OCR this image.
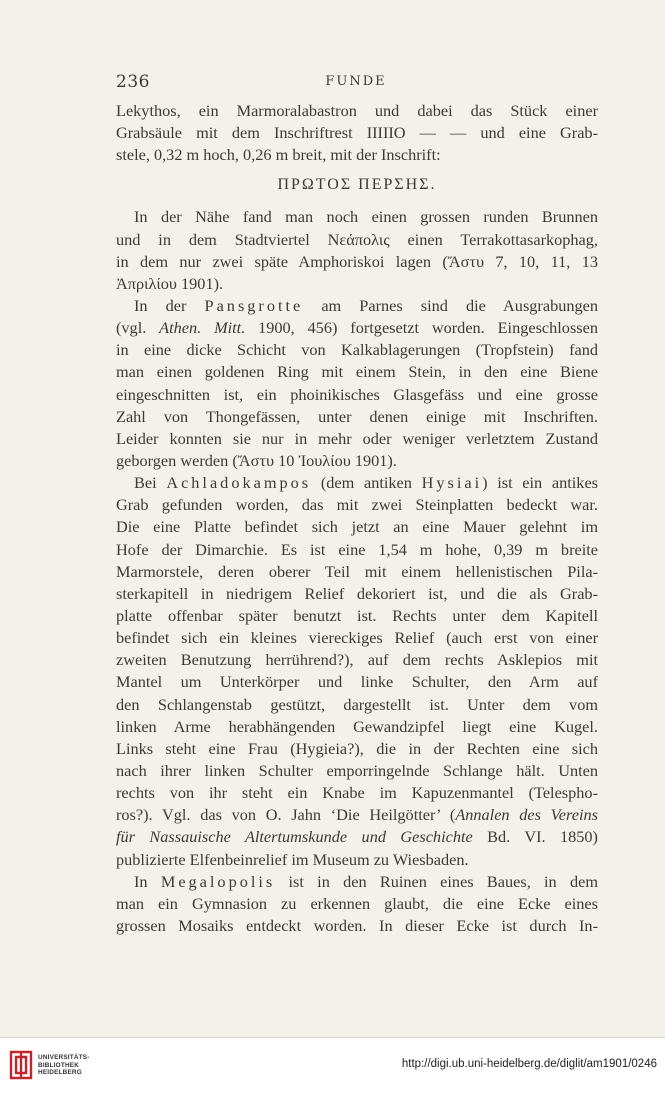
236	FUNDE
Lekythos, ein Marmoralabastron und dabei das Stück einer
Grabsäule mit dem Inschriftrest ΙΙΙΙΙΟ — — und eine Grab-
stele, 0,32 m hoch, 0,26 m breit, mit der Inschrift:
ΠΡΩΤΟΣ ΠΕΡΣΗΣ.
In der Nähe fand man noch einen grossen runden Brunnen
und in dem Stadtviertel Νεάπολις einen Terrakottasarkophag,
in dem nur zwei späte Amphoriskoi lagen (Ἄστυ 7, 10, 11, 13
Ἀπριλίου 1901).
In der Pansgrotte am Parnes sind die Ausgrabungen
(vgl. Athen. Mitt. 1900, 456) fortgesetzt worden. Eingeschlossen
in eine dicke Schicht von Kalkablagerungen (Tropfstein) fand
man einen goldenen Ring mit einem Stein, in den eine Biene
eingeschnitten ist, ein phoinikisches Glasgefäss und eine grosse
Zahl von Thongefässen, unter denen einige mit Inschriften.
Leider konnten sie nur in mehr oder weniger verletztem Zustand
geborgen werden (Ἄστυ 10 Ἰουλίου 1901).
Bei Achladokampos (dem antiken Hysiai) ist ein antikes
Grab gefunden worden, das mit zwei Steinplatten bedeckt war.
Die eine Platte befindet sich jetzt an eine Mauer gelehnt im
Hofe der Dimarchie. Es ist eine 1,54 m hohe, 0,39 m breite
Marmorstele, deren oberer Teil mit einem hellenistischen Pila-
sterkapitell in niedrigem Relief dekoriert ist, und die als Grab-
platte offenbar später benutzt ist. Rechts unter dem Kapitell
befindet sich ein kleines viereckiges Relief (auch erst von einer
zweiten Benutzung herrührend?), auf dem rechts Asklepios mit
Mantel um Unterkörper und linke Schulter, den Arm auf
den Schlangenstab gestützt, dargestellt ist. Unter dem vom
linken Arme herabhängenden Gewandzipfel liegt eine Kugel.
Links steht eine Frau (Hygieia?), die in der Rechten eine sich
nach ihrer linken Schulter emporringelnde Schlange hält. Unten
rechts von ihr steht ein Knabe im Kapuzenmantel (Telespho-
ros?). Vgl. das von O. Jahn ‘Die Heilgötter’ (Annalen des Vereins
für Nassauische Altertumskunde und Geschichte Bd. VI. 1850)
publizierte Elfenbeinrelief im Museum zu Wiesbaden.
In Megalopolis ist in den Ruinen eines Baues, in dem
man ein Gymnasion zu erkennen glaubt, die eine Ecke eines
grossen Mosaiks entdeckt worden. In dieser Ecke ist durch In-
UNIVERSITÄTS-
BIBLIOTHEK
HEIDELBERG
http://digi.ub.uni-heidelberg.de/diglit/am1901/0246
